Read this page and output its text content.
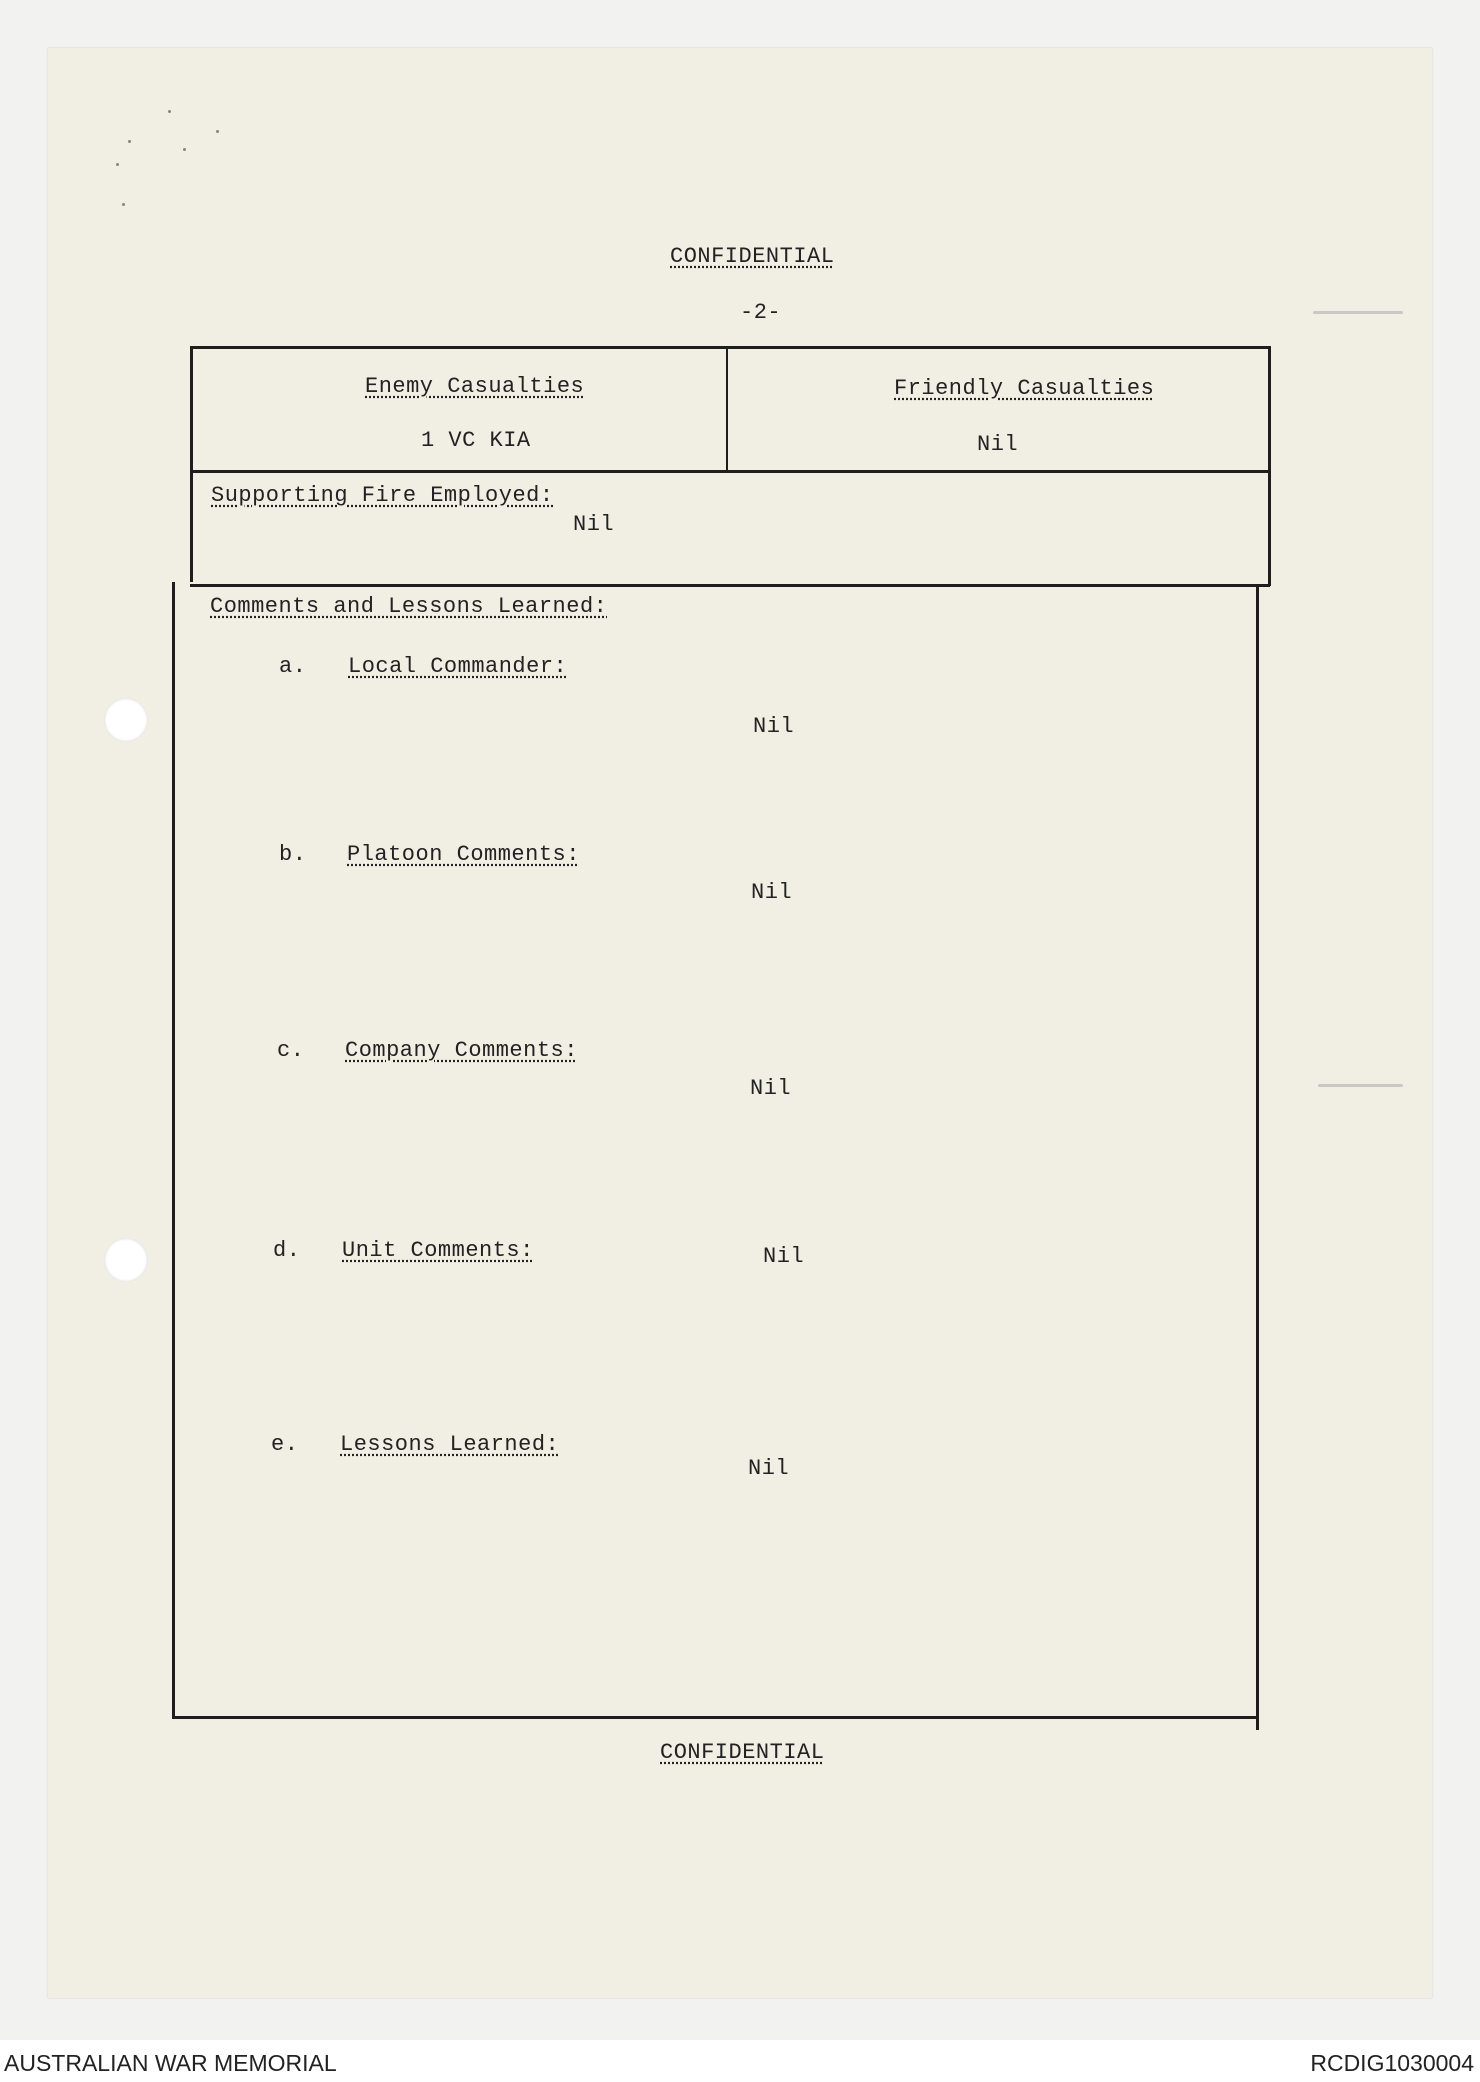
CONFIDENTIAL
-2-
Enemy Casualties
1 VC KIA
Friendly Casualties
Nil
Supporting Fire Employed:
Nil
Comments and Lessons Learned:
a. Local Commander:
Nil
b. Platoon Comments:
Nil
c. Company Comments:
Nil
d. Unit Comments:	Nil
e. Lessons Learned:
Nil
CONFIDENTIAL
AUSTRALIAN WAR MEMORIAL	RCDIG1030004
